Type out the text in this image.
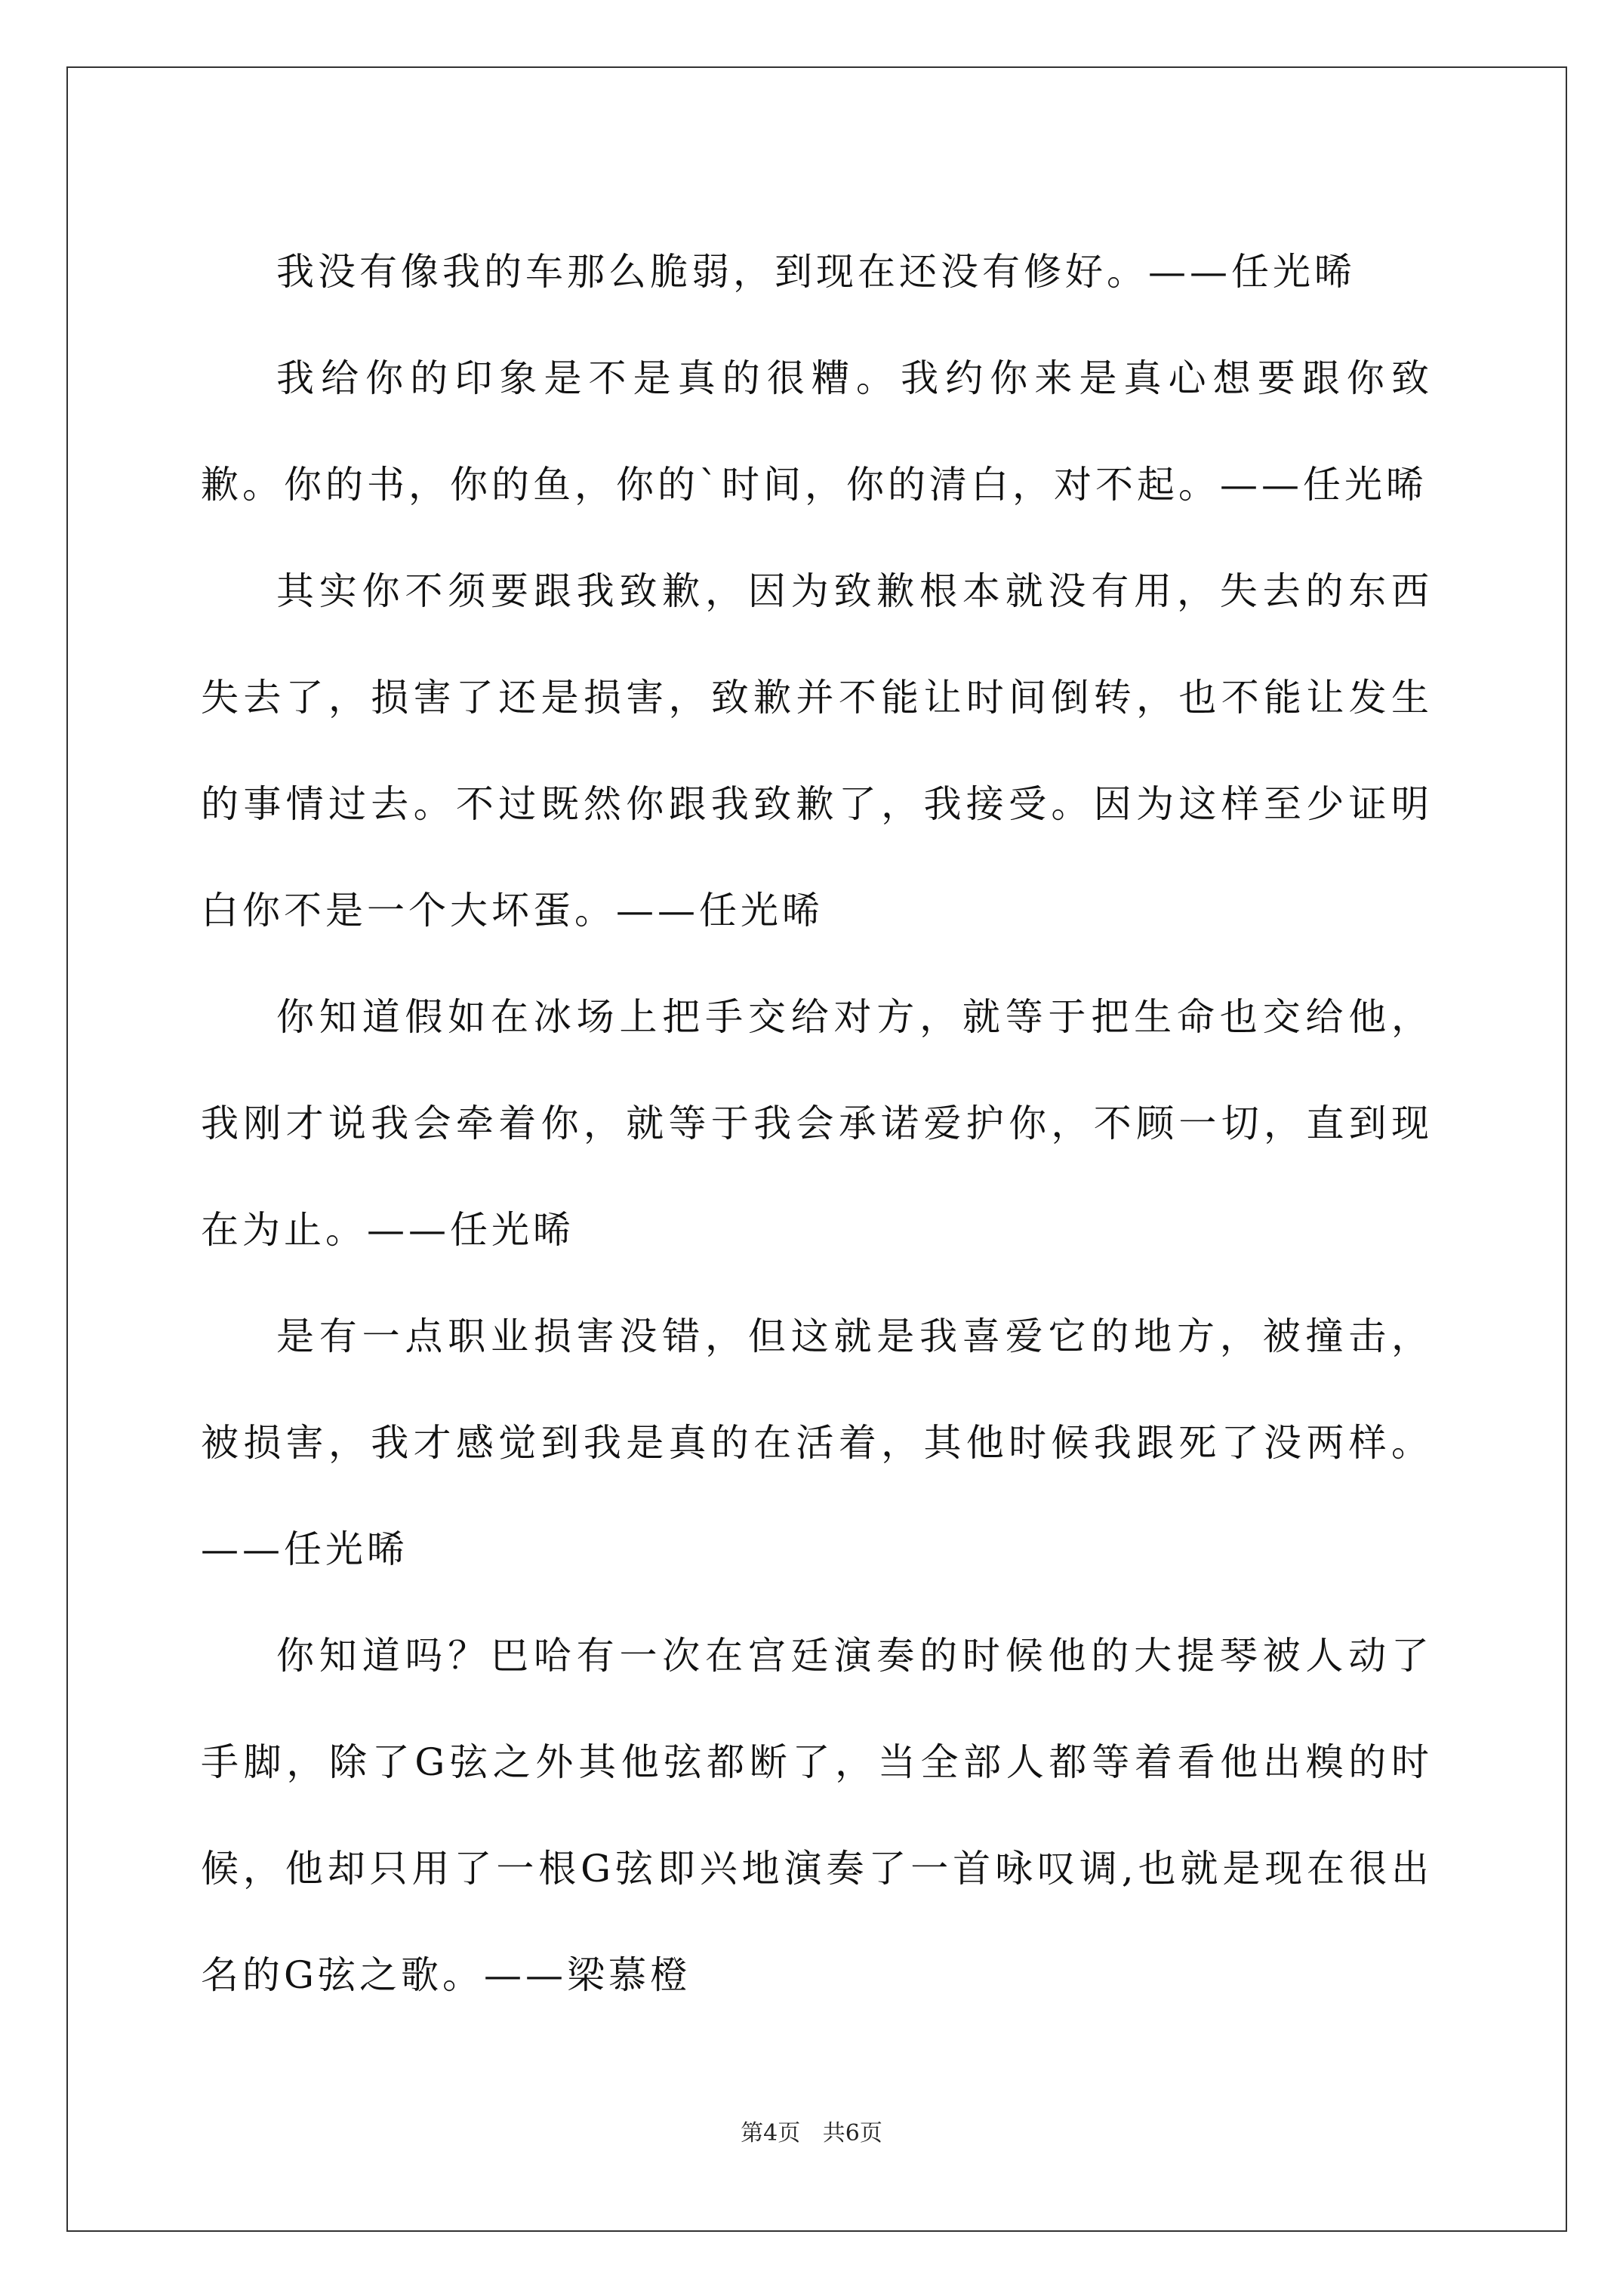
我没有像我的车那么脆弱，到现在还没有修好。——任光晞

我给你的印象是不是真的很糟。我约你来是真心想要跟你致歉。你的书，你的鱼，你的`时间，你的清白，对不起。——任光晞

其实你不须要跟我致歉，因为致歉根本就没有用，失去的东西失去了，损害了还是损害，致歉并不能让时间倒转，也不能让发生的事情过去。不过既然你跟我致歉了，我接受。因为这样至少证明白你不是一个大坏蛋。——任光晞

你知道假如在冰场上把手交给对方，就等于把生命也交给他，我刚才说我会牵着你，就等于我会承诺爱护你，不顾一切，直到现在为止。——任光晞

是有一点职业损害没错，但这就是我喜爱它的地方，被撞击，被损害，我才感觉到我是真的在活着，其他时候我跟死了没两样。——任光晞

你知道吗？巴哈有一次在宫廷演奏的时候他的大提琴被人动了手脚，除了G弦之外其他弦都断了，当全部人都等着看他出糗的时候，他却只用了一根G弦即兴地演奏了一首咏叹调,也就是现在很出名的G弦之歌。——梁慕橙

第4页 共6页
